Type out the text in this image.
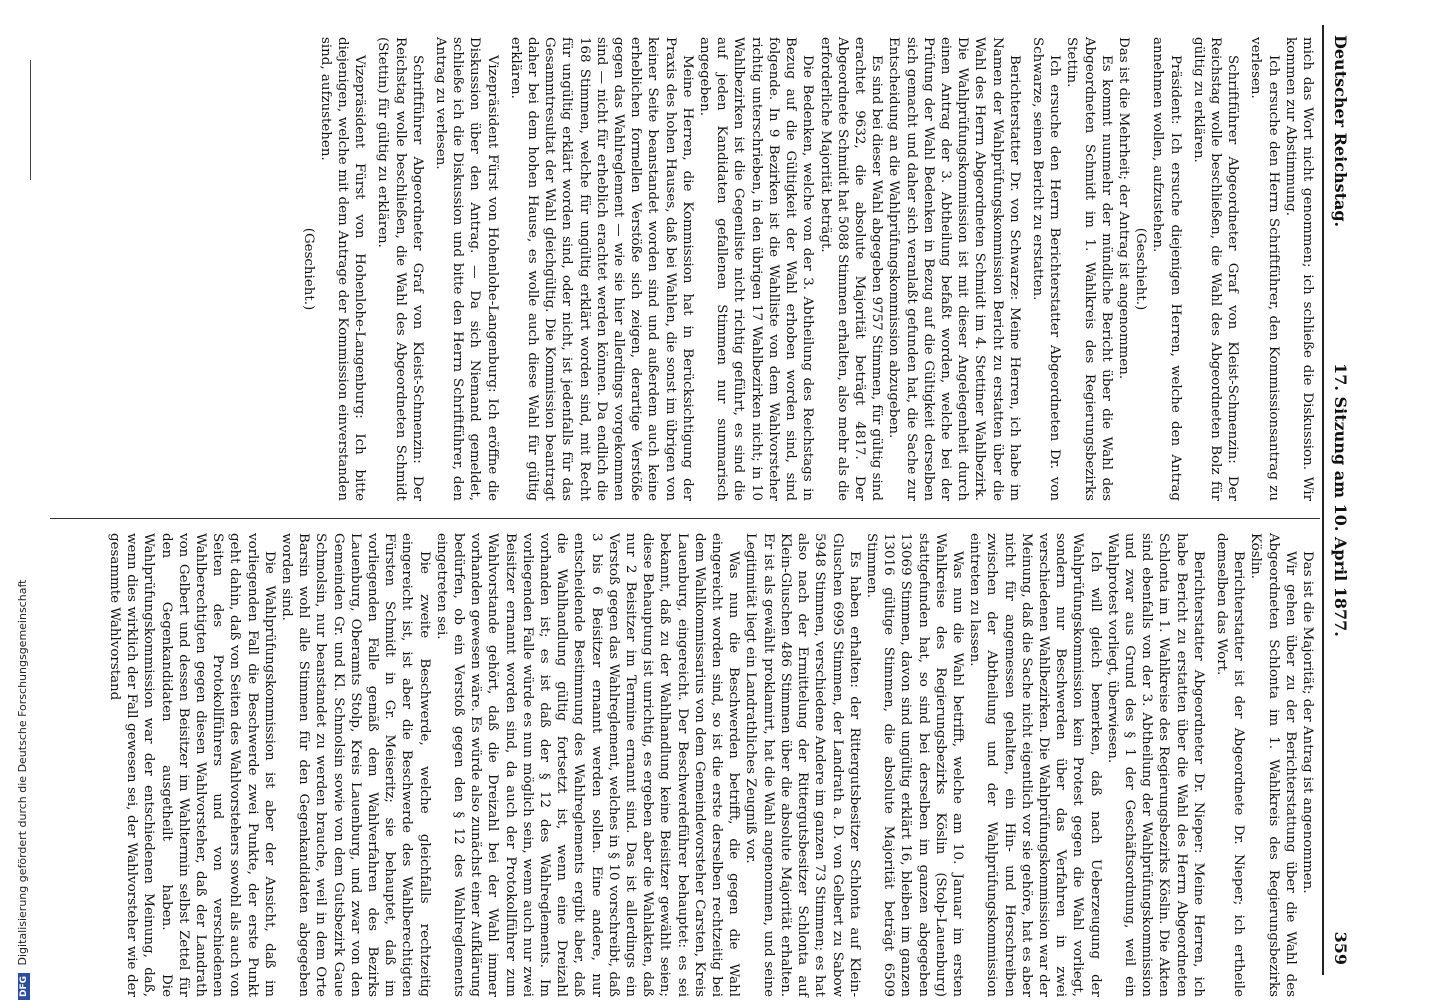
Deutscher Reichstag.
17. Sitzung am 10. April 1877.
359

mich das Wort nicht genommen; ich schließe die Diskussion. Wir kommen zur Abstimmung.

Ich ersuche den Herrn Schriftführer, den Kommissionsantrag zu verlesen.

Schriftführer Abgeordneter Graf von Kleist-Schmenzin: Der Reichstag wolle beschließen, die Wahl des Abgeordneten Bolz für gültig zu erklären.

Präsident: Ich ersuche diejenigen Herren, welche den Antrag annehmen wollen, aufzustehen.

(Geschieht.)

Das ist die Mehrheit; der Antrag ist angenommen.

Es kommt nunmehr der mündliche Bericht über die Wahl des Abgeordneten Schmidt im 1. Wahlkreis des Regierungsbezirks Stettin.

Ich ersuche den Herrn Berichterstatter Abgeordneten Dr. von Schwarze, seinen Bericht zu erstatten.

Berichterstatter Dr. von Schwarze: Meine Herren, ich habe im Namen der Wahlprüfungskommission Bericht zu erstatten über die Wahl des Herrn Abgeordneten Schmidt im 4. Stettiner Wahlbezirk. Die Wahlprüfungskommission ist mit dieser Angelegenheit durch einen Antrag der 3. Abtheilung befaßt worden, welche bei der Prüfung der Wahl Bedenken in Bezug auf die Gültigkeit derselben sich gemacht und daher sich veranlaßt gefunden hat, die Sache zur Entscheidung an die Wahlprüfungskommission abzugeben.

Es sind bei dieser Wahl abgegeben 9757 Stimmen, für gültig sind erachtet 9632, die absolute Majorität beträgt 4817. Der Abgeordnete Schmidt hat 5088 Stimmen erhalten, also mehr als die erforderliche Majorität beträgt.

Die Bedenken, welche von der 3. Abtheilung des Reichstags in Bezug auf die Gültigkeit der Wahl erhoben worden sind, sind folgende. In 9 Bezirken ist die Wahlliste von dem Wahlvorsteher richtig unterschrieben, in den übrigen 17 Wahlbezirken nicht; in 10 Wahlbezirken ist die Gegenliste nicht richtig geführt, es sind die auf jeden Kandidaten gefallenen Stimmen nur summarisch angegeben.

Meine Herren, die Kommission hat in Berücksichtigung der Praxis des hohen Hauses, daß bei Wahlen, die sonst im übrigen von keiner Seite beanstandet worden sind und außerdem auch keine erheblichen formellen Verstöße sich zeigen, derartige Verstöße gegen das Wahlreglement — wie sie hier allerdings vorgekommen sind — nicht für erheblich erachtet werden können. Da endlich die 168 Stimmen, welche für ungültig erklärt worden sind, mit Recht für ungültig erklärt worden sind, oder nicht, ist jedenfalls für das Gesammtresultat der Wahl gleichgültig. Die Kommission beantragt daher bei dem hohen Hause, es wolle auch diese Wahl für gültig erklären.

Vizepräsident Fürst von Hohenlohe-Langenburg: Ich eröffne die Diskussion über den Antrag. — Da sich Niemand gemeldet, schließe ich die Diskussion und bitte den Herrn Schriftführer, den Antrag zu verlesen.

Schriftführer Abgeordneter Graf von Kleist-Schmenzin: Der Reichstag wolle beschließen, die Wahl des Abgeordneten Schmidt (Stettin) für gültig zu erklären.

Vizepräsident Fürst von Hohenlohe-Langenburg: Ich bitte diejenigen, welche mit dem Antrage der Kommission einverstanden sind, aufzustehen.

(Geschieht.)

Das ist die Majorität; der Antrag ist angenommen.

Wir gehen über zu der Berichterstattung über die Wahl des Abgeordneten Schlonta im 1. Wahlkreis des Regierungsbezirks Köslin.

Berichterstatter ist der Abgeordnete Dr. Nieper; ich ertheile demselben das Wort.

Berichterstatter Abgeordneter Dr. Nieper: Meine Herren, ich habe Bericht zu erstatten über die Wahl des Herrn Abgeordneten Schlonta im 1. Wahlkreise des Regierungsbezirks Köslin. Die Akten sind ebenfalls von der 3. Abtheilung der Wahlprüfungskommission und zwar aus Grund des § 1 der Geschäftsordnung, weil ein Wahlprotest vorliegt, überwiesen.

Ich will gleich bemerken, daß nach Ueberzeugung der Wahlprüfungskommission kein Protest gegen die Wahl vorliegt, sondern nur Beschwerden über das Verfahren in zwei verschiedenen Wahlbezirken. Die Wahlprüfungskommission war der Meinung, daß die Sache nicht eigentlich vor sie gehöre, hat es aber nicht für angemessen gehalten, ein Hin- und Herschreiben zwischen der Abtheilung und der Wahlprüfungskommission eintreten zu lassen.

Was nun die Wahl betrifft, welche am 10. Januar im ersten Wahlkreise des Regierungsbezirks Köslin (Stolp-Lauenburg) stattgefunden hat, so sind bei derselben im ganzen abgegeben 13069 Stimmen, davon sind ungültig erklärt 16, bleiben im ganzen 13016 gültige Stimmen, die absolute Majorität beträgt 6509 Stimmen.

Es haben erhalten: der Rittergutsbesitzer Schlonta auf Klein-Gluschen 6995 Stimmen, der Landrath a. D. von Gelbert zu Sabow 5948 Stimmen, verschiedene Andere im ganzen 73 Stimmen; es hat also nach der Ermittelung der Rittergutsbesitzer Schlonta auf Klein-Gluschen 486 Stimmen über die absolute Majorität erhalten. Er ist als gewählt proklamirt, hat die Wahl angenommen, und seine Legitimität liegt ein Landrathliches Zeugniß vor.

Was nun die Beschwerden betrifft, die gegen die Wahl eingereicht worden sind, so ist die erste derselben rechtzeitig bei dem Wahlkommissarius von dem Gemeindevorsteher Carsten, Kreis Lauenburg, eingereicht. Der Beschwerdeführer behauptet: es sei bekannt, daß zu der Wahlhandlung keine Beisitzer gewählt seien; diese Behauptung ist unrichtig, es ergeben aber die Wahlakten, daß nur 2 Beisitzer im Termine ernannt sind. Das ist allerdings ein Verstoß gegen das Wahlreglement, welches in § 10 vorschreibt, daß 3 bis 6 Beisitzer ernannt werden sollen. Eine andere, nur entscheidende Bestimmung des Wahlreglements ergibt aber, daß die Wahlhandlung gültig fortsetzt ist, wenn eine Dreizahl vorhanden ist; es ist daß der § 12 des Wahlreglements. Im vorliegenden Falle würde es nun möglich sein, wenn auch nur zwei Beisitzer ernannt worden sind, da auch der Protokollführer zum Wahlvorstande gehört, daß die Dreizahl bei der Wahl immer vorhanden gewesen wäre. Es würde also zunächst einer Aufklärung bedürfen, ob ein Verstoß gegen den § 12 des Wahlreglements eingetreten sei.

Die zweite Beschwerde, welche gleichfalls rechtzeitig eingereicht ist, ist aber die Beschwerde des Wahlberechtigten Fürsten Schmidt in Gr. Meiseritz; sie behauptet, daß im vorliegenden Falle gemäß dem Wahlverfahren des Bezirks Lauenburg, Oberamts Stolp, Kreis Lauenburg, und zwar von den Gemeinden Gr. und Kl. Schmolsin sowie von dem Gutsbezirk Gaue Schmolsin, nur beanstandet zu werden brauche, weil in dem Orte Barsin wohl alle Stimmen für den Gegenkandidaten abgegeben worden sind.

Die Wahlprüfungskommission ist aber der Ansicht, daß im vorliegenden Fall die Beschwerde zwei Punkte, der erste Punkt geht dahin, daß von Seiten des Wahlvorstehers sowohl als auch von Seiten des Protokollführers und von verschiedenen Wahlberechtigten gegen diesen Wahlvorsteher, daß der Landrath von Gelbert und dessen Beisitzer im Wahltermin selbst Zettel für den Gegenkandidaten ausgetheilt haben. Die Wahlprüfungskommission war der entschiedenen Meinung, daß, wenn dies wirklich der Fall gewesen sei, der Wahlvorsteher wie der gesammte Wahlvorstand

DFG Digitalisierung gefördert durch die Deutsche Forschungsgemeinschaft
